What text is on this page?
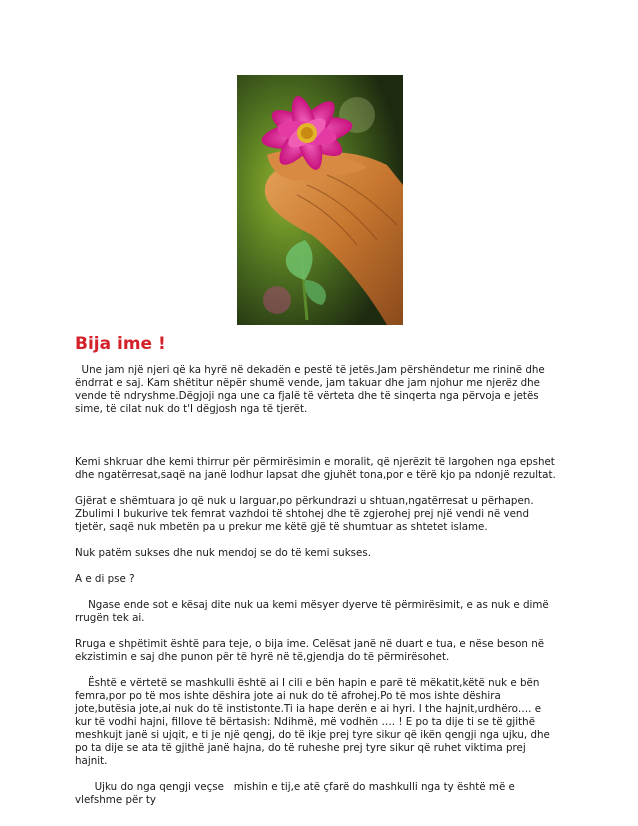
Bija ime !

Une jam një njeri që ka hyrë në dekadën e pestë të jetës.Jam përshëndetur me rininë dhe ëndrrat e saj. Kam shëtitur nëpër shumë vende, jam takuar dhe jam njohur me njerëz dhe vende të ndryshme.Dëgjoji nga une ca fjalë të vërteta dhe të sinqerta nga përvoja e jetës sime, të cilat nuk do t'I dëgjosh nga të tjerët.

Kemi shkruar dhe kemi thirrur për përmirësimin e moralit, që njerëzit të largohen nga epshet dhe ngatërresat,saqë na janë lodhur lapsat dhe gjuhët tona,por e tërë kjo pa ndonjë rezultat.

Gjërat e shëmtuara jo që nuk u larguar,po përkundrazi u shtuan,ngatërresat u përhapen. Zbulimi I bukurive tek femrat vazhdoi të shtohej dhe të zgjerohej prej një vendi në vend tjetër, saqë nuk mbetën pa u prekur me këtë gjë të shumtuar as shtetet islame.

Nuk patëm sukses dhe nuk mendoj se do të kemi sukses.

A e di pse ?

Ngase ende sot e kësaj dite nuk ua kemi mësyer dyerve të përmirësimit, e as nuk e dimë rrugën tek ai.

Rruga e shpëtimit është para teje, o bija ime. Celësat janë në duart e tua, e nëse beson në ekzistimin e saj dhe punon për të hyrë në të,gjendja do të përmirësohet.

Është e vërtetë se mashkulli është ai I cili e bën hapin e parë të mëkatit,këtë nuk e bën femra,por po të mos ishte dëshira jote ai nuk do të afrohej.Po të mos ishte dëshira jote,butësia jote,ai nuk do të instistonte.Ti ia hape derën e ai hyri. I the hajnit,urdhëro…. e kur të vodhi hajni, fillove të bërtasish: Ndihmë, më vodhën …. ! E po ta dije ti se të gjithë meshkujt janë si ujqit, e ti je një qengj, do të ikje prej tyre sikur që ikën qengji nga ujku, dhe po ta dije se ata të gjithë janë hajna, do të ruheshe prej tyre sikur që ruhet viktima prej hajnit.

Ujku do nga qengji veçse   mishin e tij,e atë çfarë do mashkulli nga ty është më e vlefshme për ty
